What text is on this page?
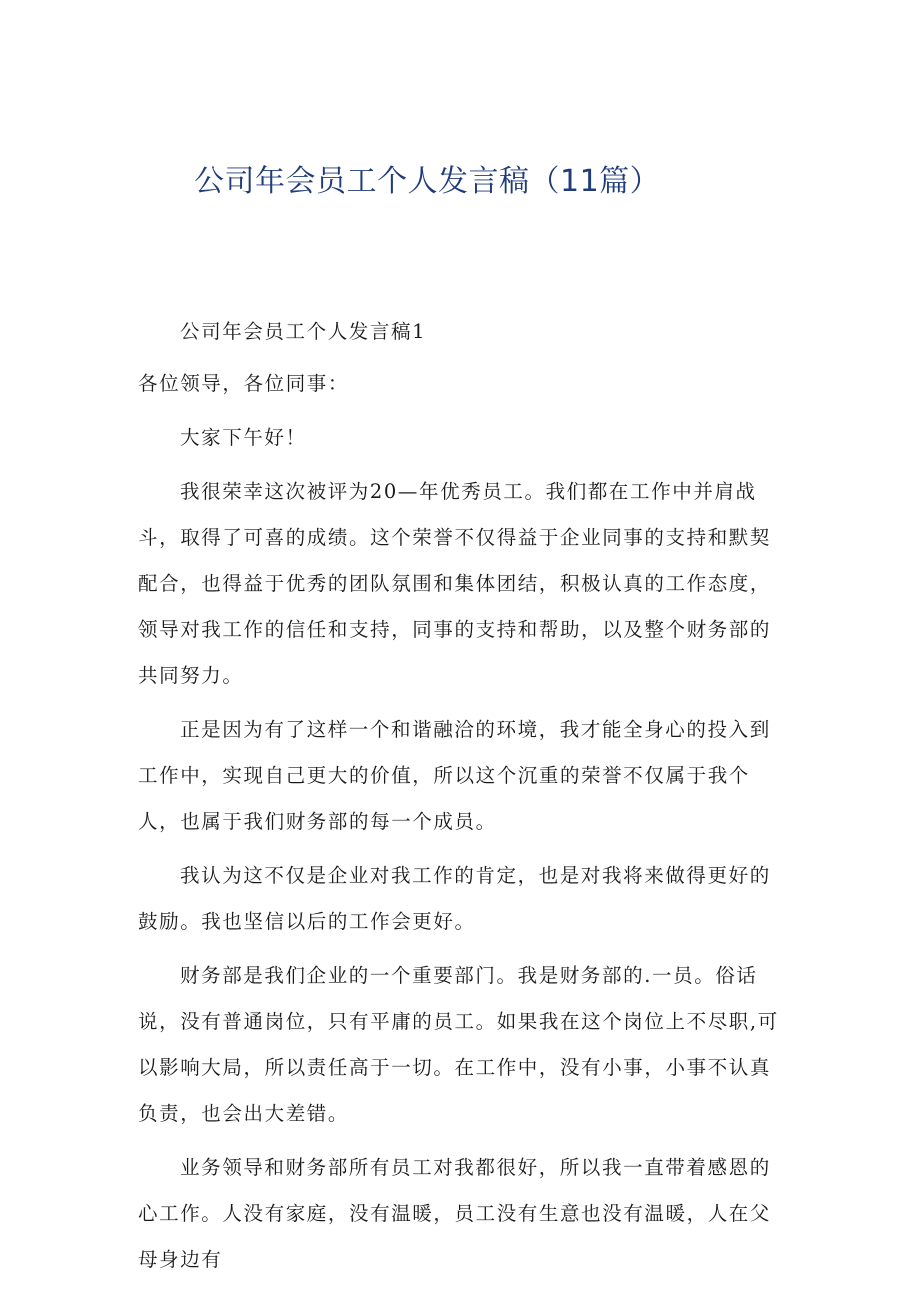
公司年会员工个人发言稿（11篇）

公司年会员工个人发言稿1

各位领导，各位同事：

大家下午好！

我很荣幸这次被评为20—年优秀员工。我们都在工作中并肩战斗，取得了可喜的成绩。这个荣誉不仅得益于企业同事的支持和默契配合，也得益于优秀的团队氛围和集体团结，积极认真的工作态度，领导对我工作的信任和支持，同事的支持和帮助，以及整个财务部的共同努力。

正是因为有了这样一个和谐融洽的环境，我才能全身心的投入到工作中，实现自己更大的价值，所以这个沉重的荣誉不仅属于我个人，也属于我们财务部的每一个成员。

我认为这不仅是企业对我工作的肯定，也是对我将来做得更好的鼓励。我也坚信以后的工作会更好。

财务部是我们企业的一个重要部门。我是财务部的.一员。俗话说，没有普通岗位，只有平庸的员工。如果我在这个岗位上不尽职,可以影响大局，所以责任高于一切。在工作中，没有小事，小事不认真负责，也会出大差错。

业务领导和财务部所有员工对我都很好，所以我一直带着感恩的心工作。人没有家庭，没有温暖，员工没有生意也没有温暖，人在父母身边有
